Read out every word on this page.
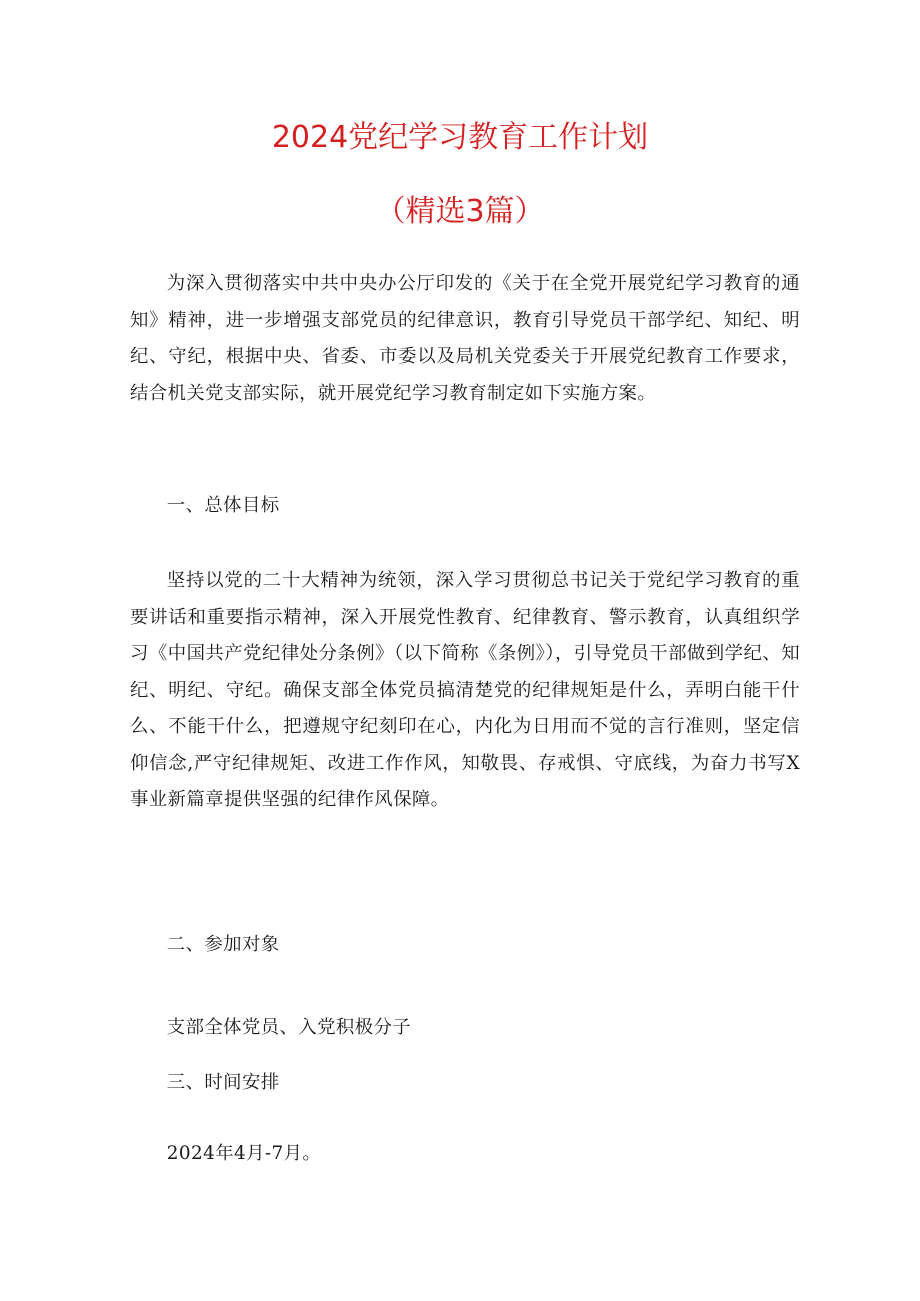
2024党纪学习教育工作计划
（精选3篇）

为深入贯彻落实中共中央办公厅印发的《关于在全党开展党纪学习教育的通知》精神，进一步增强支部党员的纪律意识，教育引导党员干部学纪、知纪、明纪、守纪，根据中央、省委、市委以及局机关党委关于开展党纪教育工作要求，结合机关党支部实际，就开展党纪学习教育制定如下实施方案。

一、总体目标

坚持以党的二十大精神为统领，深入学习贯彻总书记关于党纪学习教育的重要讲话和重要指示精神，深入开展党性教育、纪律教育、警示教育，认真组织学习《中国共产党纪律处分条例》（以下简称《条例》），引导党员干部做到学纪、知纪、明纪、守纪。确保支部全体党员搞清楚党的纪律规矩是什么，弄明白能干什么、不能干什么，把遵规守纪刻印在心，内化为日用而不觉的言行准则，坚定信仰信念,严守纪律规矩、改进工作作风，知敬畏、存戒惧、守底线，为奋力书写X事业新篇章提供坚强的纪律作风保障。

二、参加对象

支部全体党员、入党积极分子

三、时间安排

2024年4月-7月。
